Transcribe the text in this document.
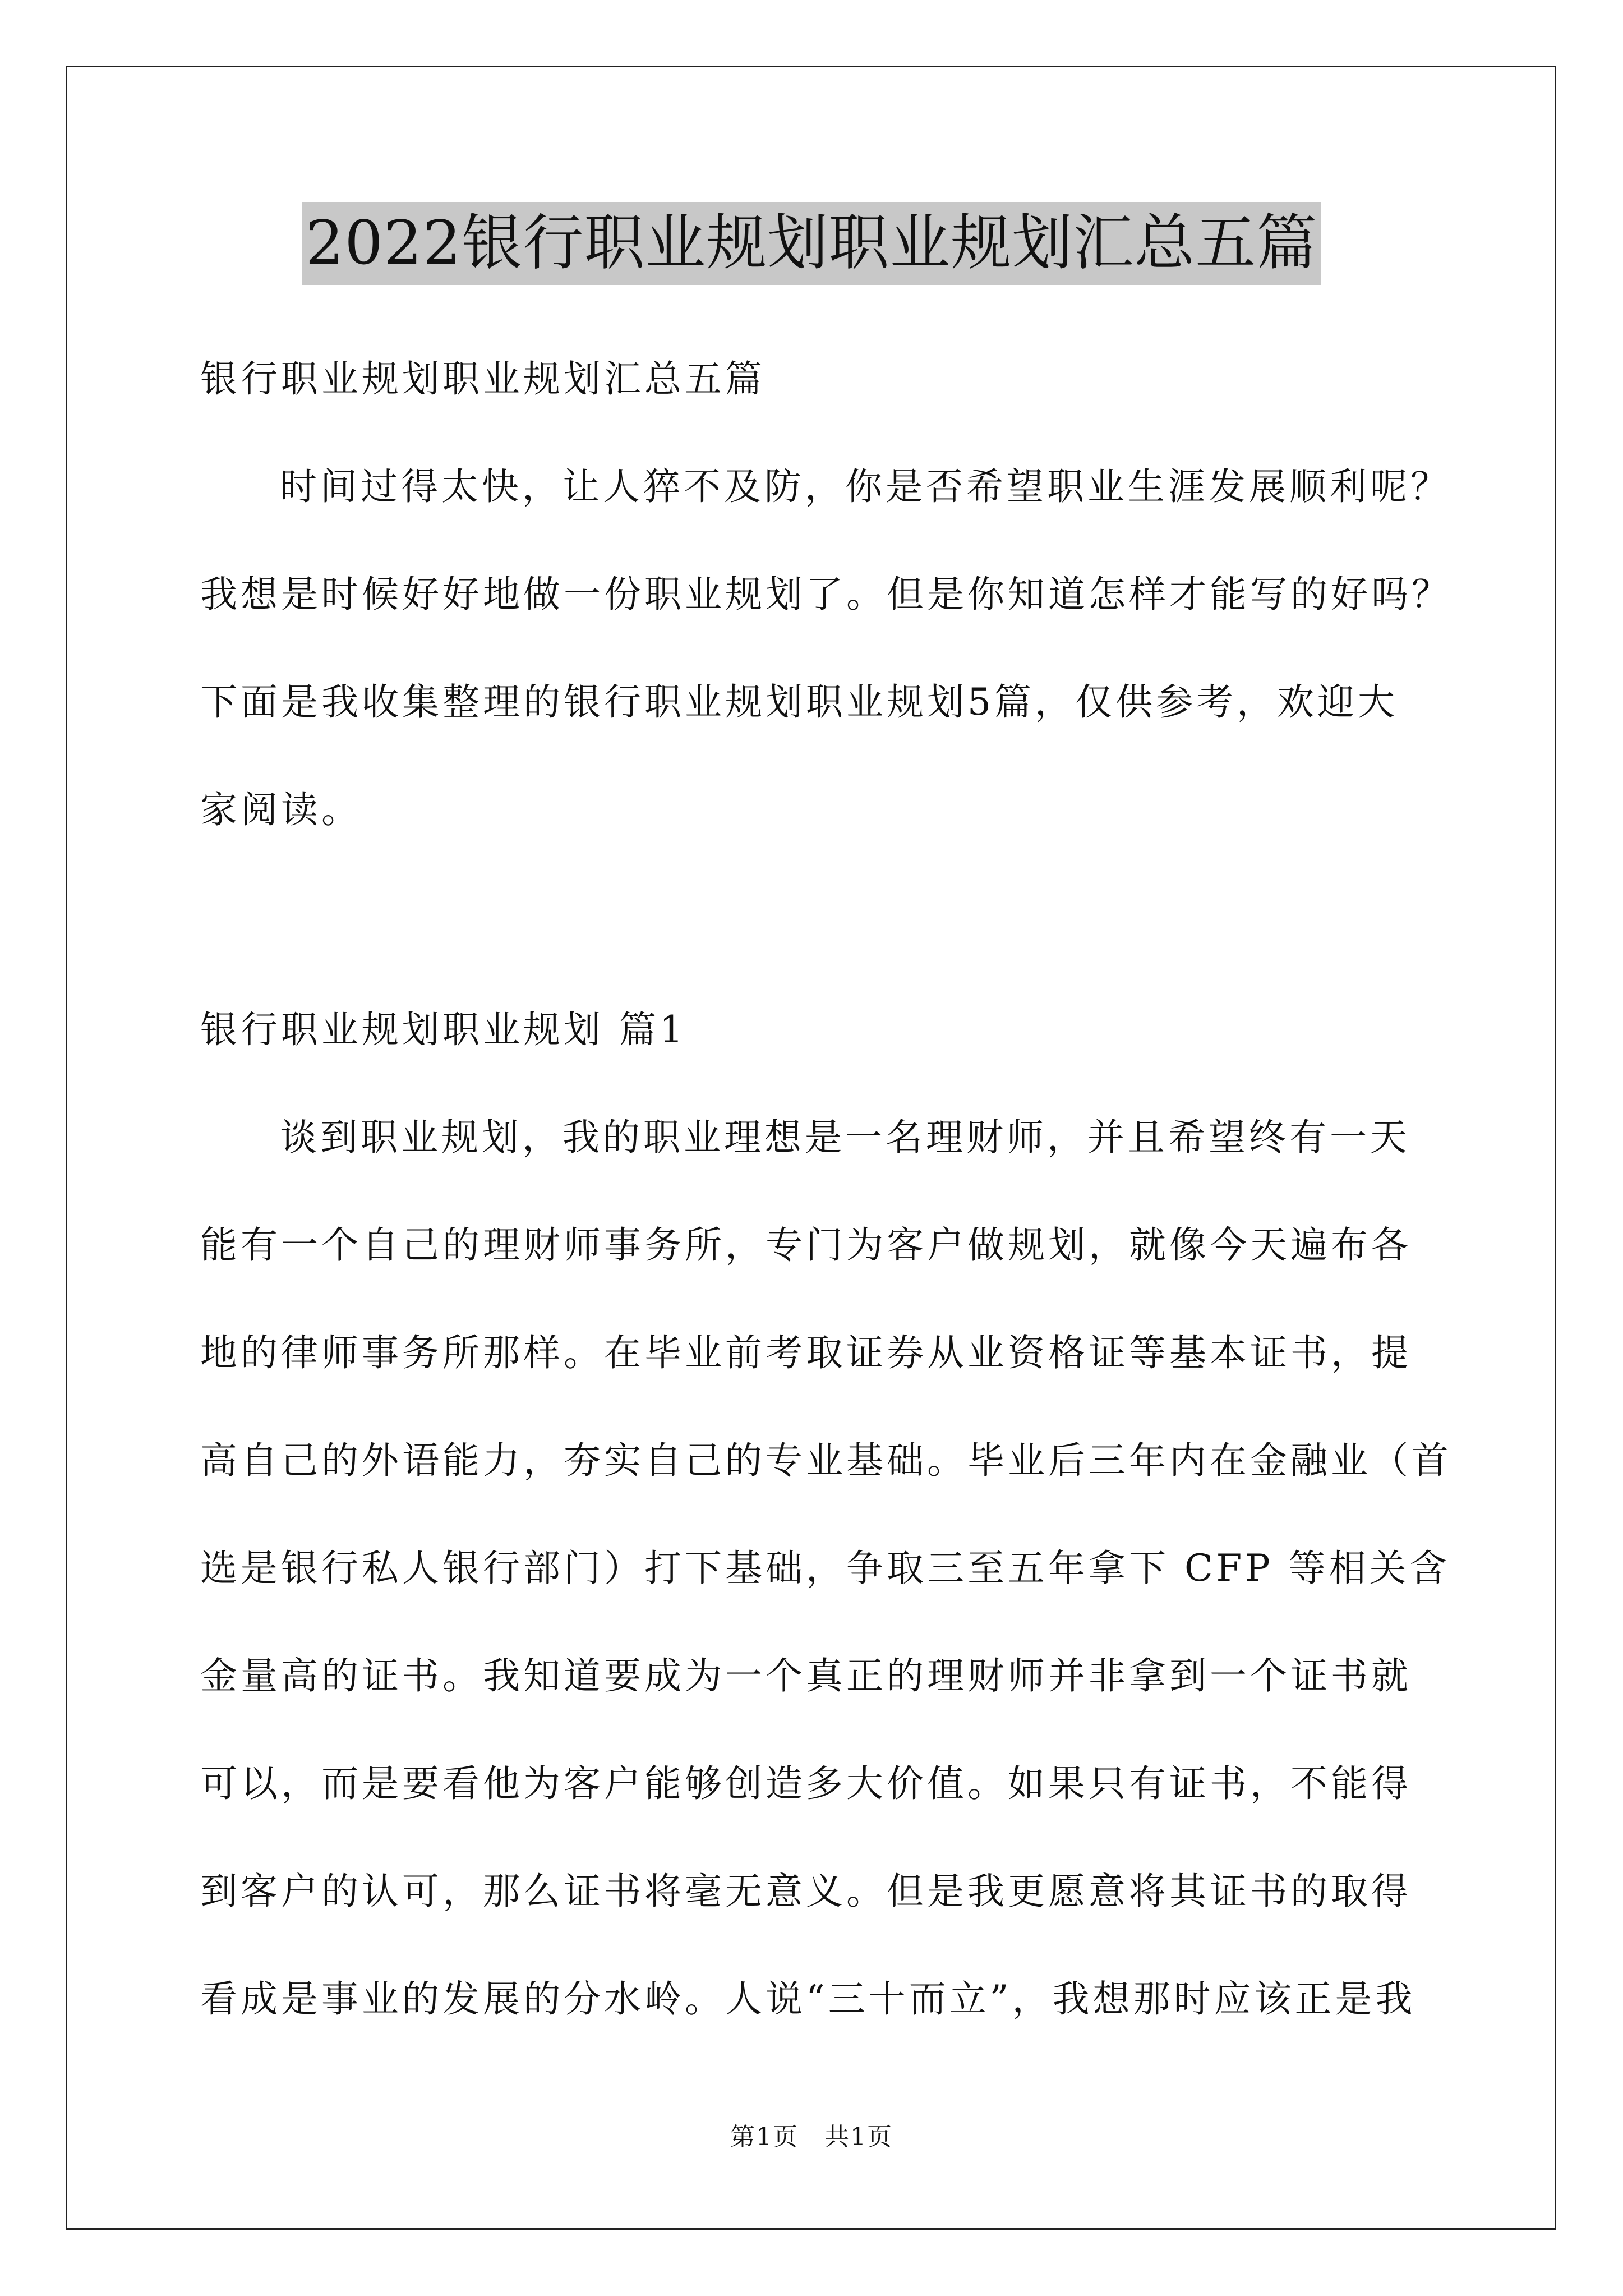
2022银行职业规划职业规划汇总五篇
银行职业规划职业规划汇总五篇
时间过得太快，让人猝不及防，你是否希望职业生涯发展顺利呢？
我想是时候好好地做一份职业规划了。但是你知道怎样才能写的好吗？
下面是我收集整理的银行职业规划职业规划5篇，仅供参考，欢迎大
家阅读。
银行职业规划职业规划 篇1
谈到职业规划，我的职业理想是一名理财师，并且希望终有一天
能有一个自己的理财师事务所，专门为客户做规划，就像今天遍布各
地的律师事务所那样。在毕业前考取证券从业资格证等基本证书，提
高自己的外语能力，夯实自己的专业基础。毕业后三年内在金融业（首
选是银行私人银行部门）打下基础，争取三至五年拿下 CFP 等相关含
金量高的证书。我知道要成为一个真正的理财师并非拿到一个证书就
可以，而是要看他为客户能够创造多大价值。如果只有证书，不能得
到客户的认可，那么证书将毫无意义。但是我更愿意将其证书的取得
看成是事业的发展的分水岭。人说“三十而立”，我想那时应该正是我
第1页　共1页
